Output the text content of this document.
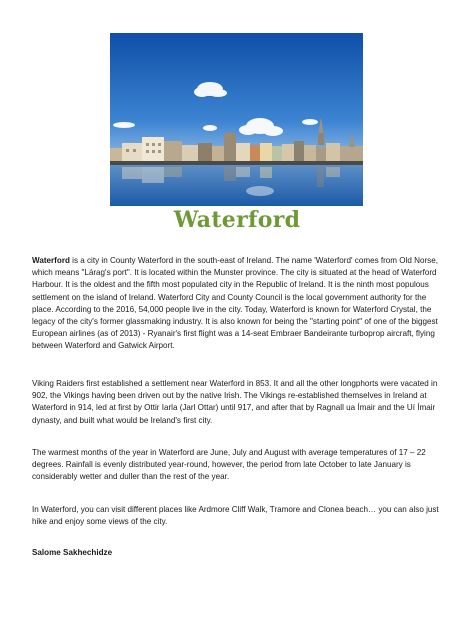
Waterford

Waterford is a city in County Waterford in the south-east of Ireland. The name 'Waterford' comes from Old Norse, which means "Lárag's port". It is located within the Munster province. The city is situated at the head of Waterford Harbour. It is the oldest and the fifth most populated city in the Republic of Ireland. It is the ninth most populous settlement on the island of Ireland. Waterford City and County Council is the local government authority for the place. According to the 2016, 54,000 people live in the city. Today, Waterford is known for Waterford Crystal, the legacy of the city's former glassmaking industry. It is also known for being the "starting point" of one of the biggest European airlines (as of 2013) - Ryanair's first flight was a 14-seat Embraer Bandeirante turboprop aircraft, flying between Waterford and Gatwick Airport.

Viking Raiders first established a settlement near Waterford in 853. It and all the other longphorts were vacated in 902, the Vikings having been driven out by the native Irish. The Vikings re-established themselves in Ireland at Waterford in 914, led at first by Ottir Iarla (Jarl Ottar) until 917, and after that by Ragnall ua Ímair and the Uí Ímair dynasty, and built what would be Ireland's first city.

The warmest months of the year in Waterford are June, July and August with average temperatures of 17 – 22 degrees. Rainfall is evenly distributed year-round, however, the period from late October to late January is considerably wetter and duller than the rest of the year.

In Waterford, you can visit different places like Ardmore Cliff Walk, Tramore and Clonea beach… you can also just hike and enjoy some views of the city.

Salome Sakhechidze
